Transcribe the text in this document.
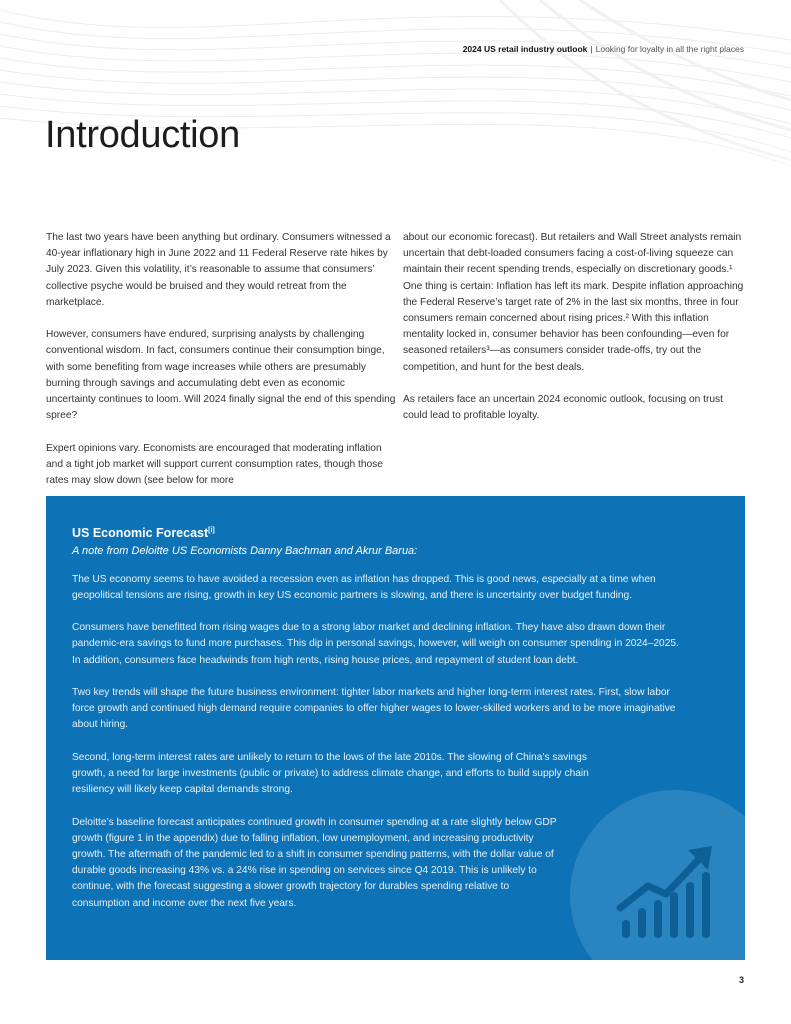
2024 US retail industry outlook | Looking for loyalty in all the right places
Introduction

The last two years have been anything but ordinary. Consumers witnessed a 40-year inflationary high in June 2022 and 11 Federal Reserve rate hikes by July 2023. Given this volatility, it’s reasonable to assume that consumers’ collective psyche would be bruised and they would retreat from the marketplace.

However, consumers have endured, surprising analysts by challenging conventional wisdom. In fact, consumers continue their consumption binge, with some benefiting from wage increases while others are presumably burning through savings and accumulating debt even as economic uncertainty continues to loom. Will 2024 finally signal the end of this spending spree?

Expert opinions vary. Economists are encouraged that moderating inflation and a tight job market will support current consumption rates, though those rates may slow down (see below for more

about our economic forecast). But retailers and Wall Street analysts remain uncertain that debt-loaded consumers facing a cost-of-living squeeze can maintain their recent spending trends, especially on discretionary goods.¹ One thing is certain: Inflation has left its mark. Despite inflation approaching the Federal Reserve’s target rate of 2% in the last six months, three in four consumers remain concerned about rising prices.² With this inflation mentality locked in, consumer behavior has been confounding—even for seasoned retailers³—as consumers consider trade-offs, try out the competition, and hunt for the best deals.

As retailers face an uncertain 2024 economic outlook, focusing on trust could lead to profitable loyalty.

US Economic Forecast[i]

A note from Deloitte US Economists Danny Bachman and Akrur Barua:

The US economy seems to have avoided a recession even as inflation has dropped. This is good news, especially at a time when geopolitical tensions are rising, growth in key US economic partners is slowing, and there is uncertainty over budget funding.

Consumers have benefitted from rising wages due to a strong labor market and declining inflation. They have also drawn down their pandemic-era savings to fund more purchases. This dip in personal savings, however, will weigh on consumer spending in 2024–2025. In addition, consumers face headwinds from high rents, rising house prices, and repayment of student loan debt.

Two key trends will shape the future business environment: tighter labor markets and higher long-term interest rates. First, slow labor force growth and continued high demand require companies to offer higher wages to lower-skilled workers and to be more imaginative about hiring.

Second, long-term interest rates are unlikely to return to the lows of the late 2010s. The slowing of China’s savings growth, a need for large investments (public or private) to address climate change, and efforts to build supply chain resiliency will likely keep capital demands strong.

Deloitte’s baseline forecast anticipates continued growth in consumer spending at a rate slightly below GDP growth (figure 1 in the appendix) due to falling inflation, low unemployment, and increasing productivity growth. The aftermath of the pandemic led to a shift in consumer spending patterns, with the dollar value of durable goods increasing 43% vs. a 24% rise in spending on services since Q4 2019. This is unlikely to continue, with the forecast suggesting a slower growth trajectory for durables spending relative to consumption and income over the next five years.

3
